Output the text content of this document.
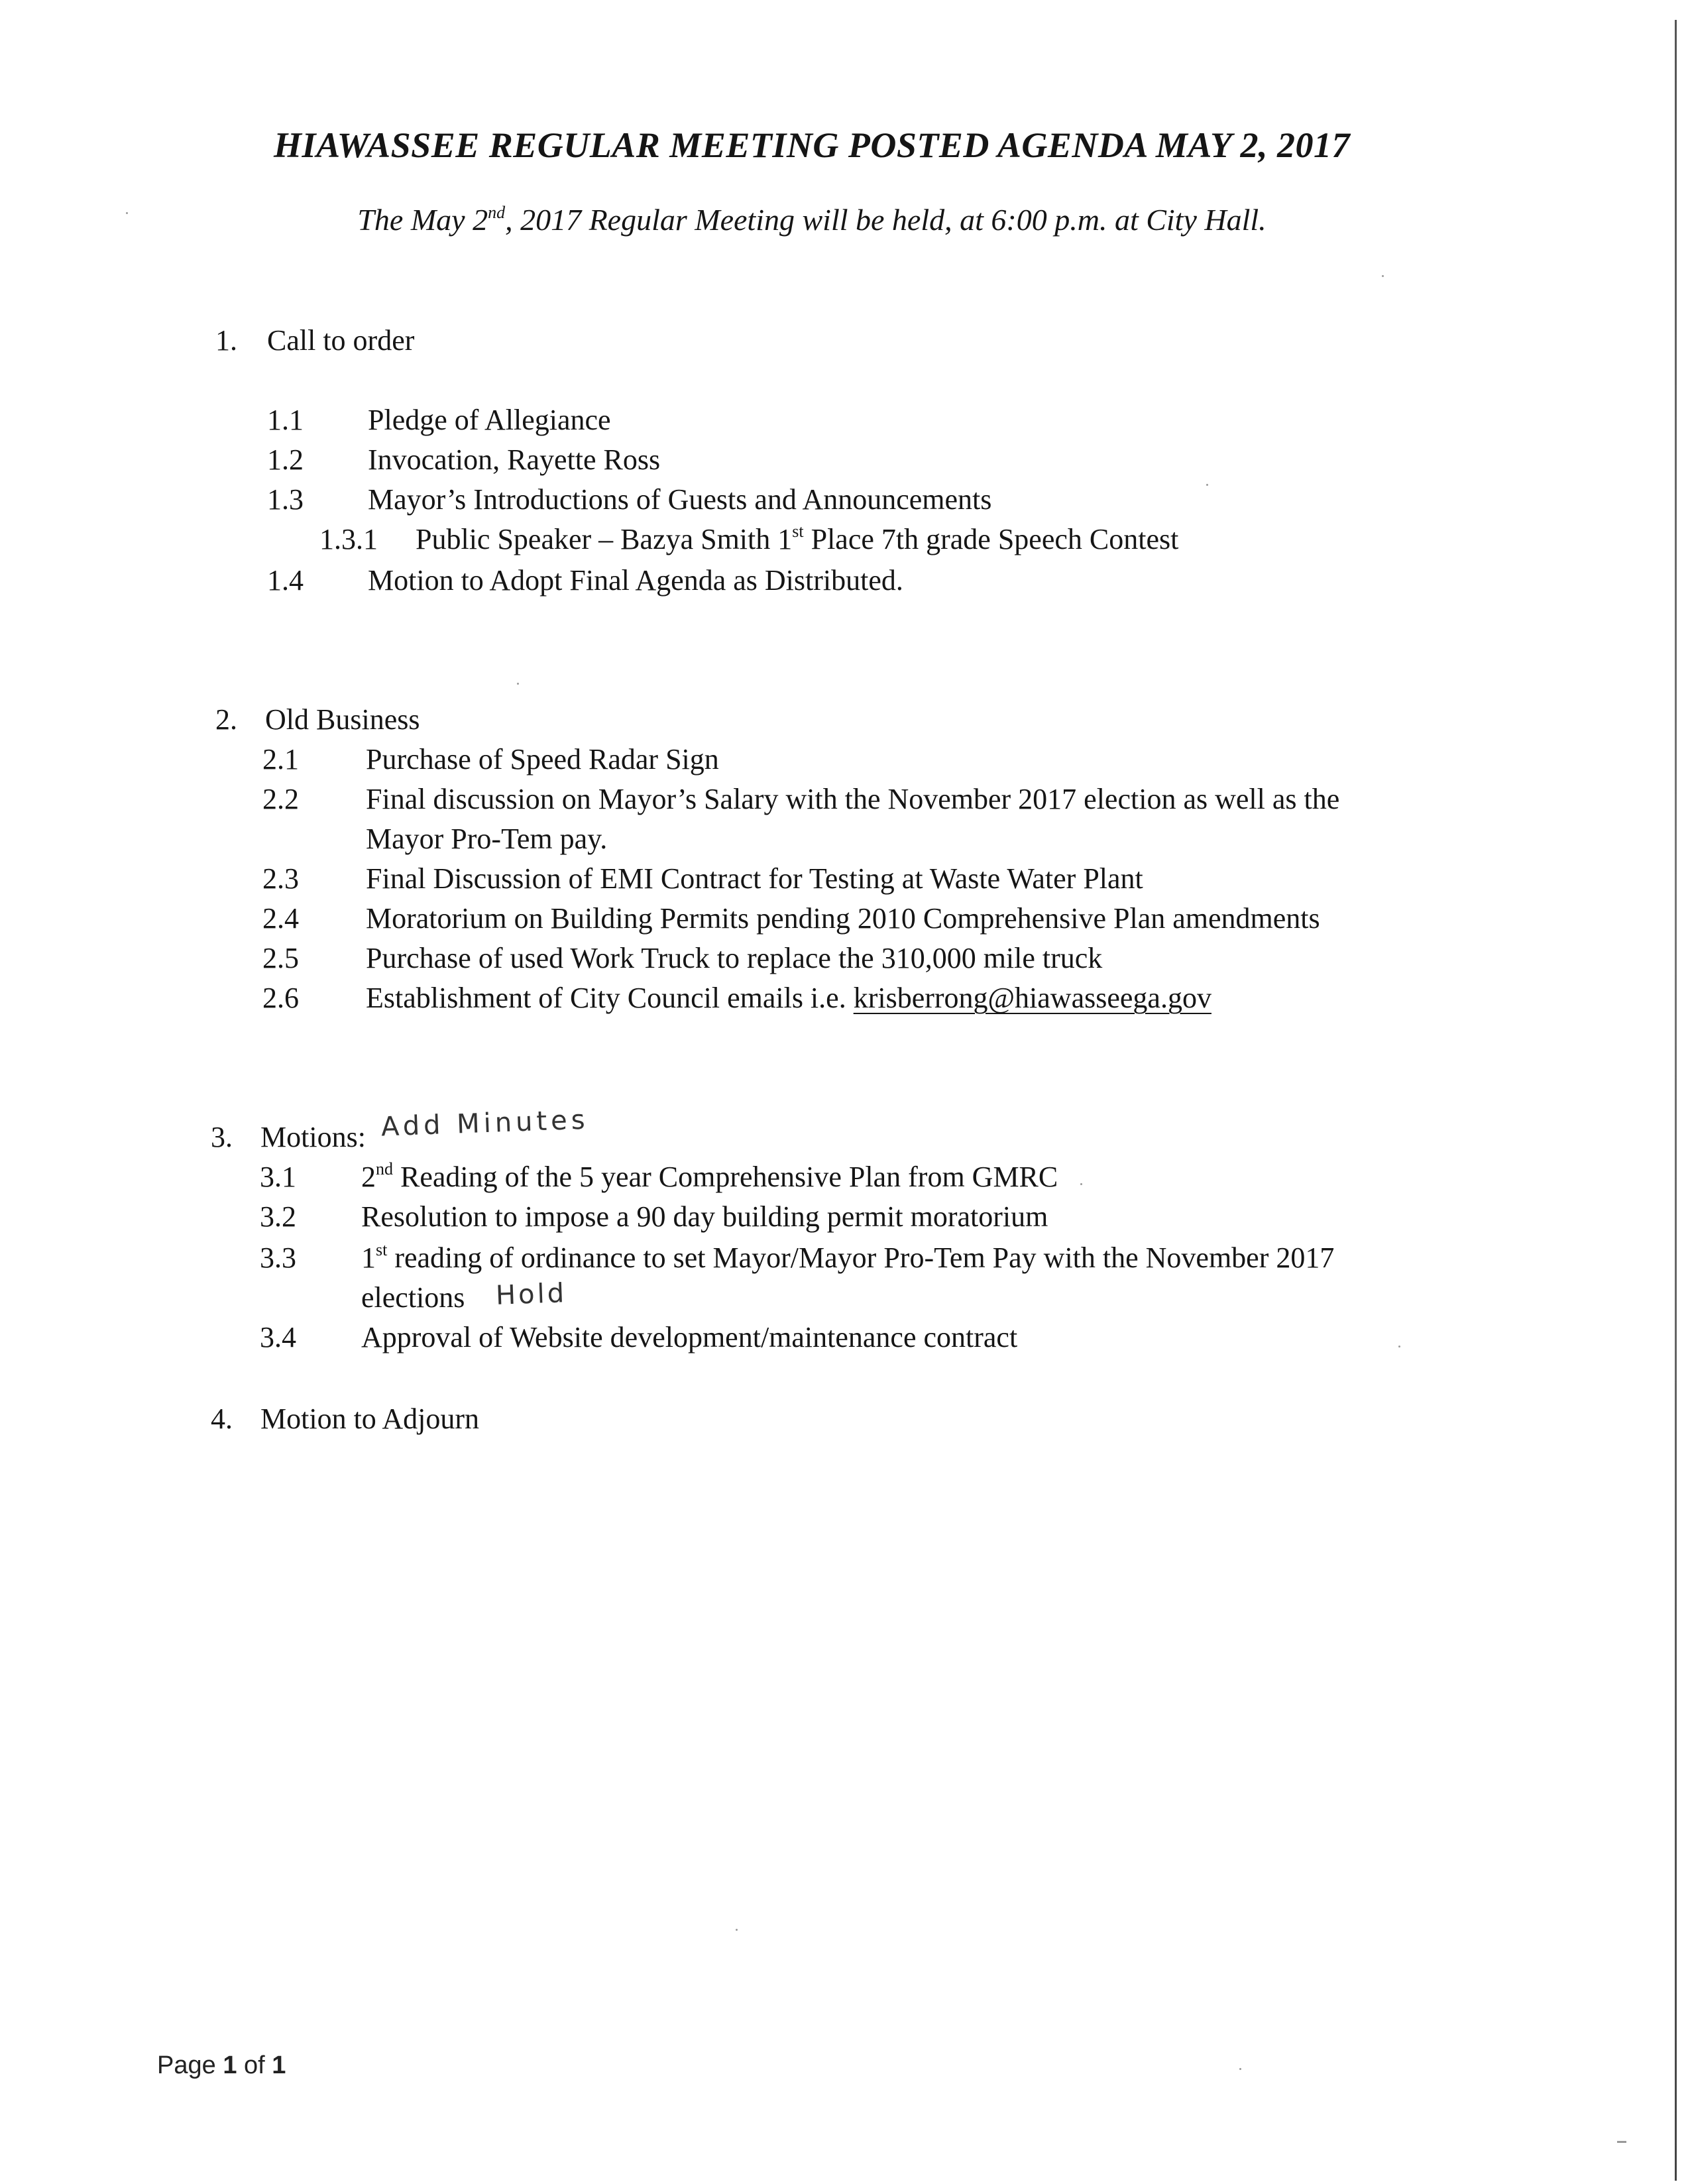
HIAWASSEE REGULAR MEETING POSTED AGENDA MAY 2, 2017
The May 2nd, 2017 Regular Meeting will be held, at 6:00 p.m. at City Hall.
1. Call to order
1.1 Pledge of Allegiance
1.2 Invocation, Rayette Ross
1.3 Mayor’s Introductions of Guests and Announcements
1.3.1 Public Speaker – Bazya Smith 1st Place 7th grade Speech Contest
1.4 Motion to Adopt Final Agenda as Distributed.
2. Old Business
2.1 Purchase of Speed Radar Sign
2.2 Final discussion on Mayor’s Salary with the November 2017 election as well as the
Mayor Pro-Tem pay.
2.3 Final Discussion of EMI Contract for Testing at Waste Water Plant
2.4 Moratorium on Building Permits pending 2010 Comprehensive Plan amendments
2.5 Purchase of used Work Truck to replace the 310,000 mile truck
2.6 Establishment of City Council emails i.e. krisberrong@hiawasseega.gov
3. Motions: Add Minutes
3.1 2nd Reading of the 5 year Comprehensive Plan from GMRC
3.2 Resolution to impose a 90 day building permit moratorium
3.3 1st reading of ordinance to set Mayor/Mayor Pro-Tem Pay with the November 2017
elections Hold
3.4 Approval of Website development/maintenance contract
4. Motion to Adjourn
Page 1 of 1
